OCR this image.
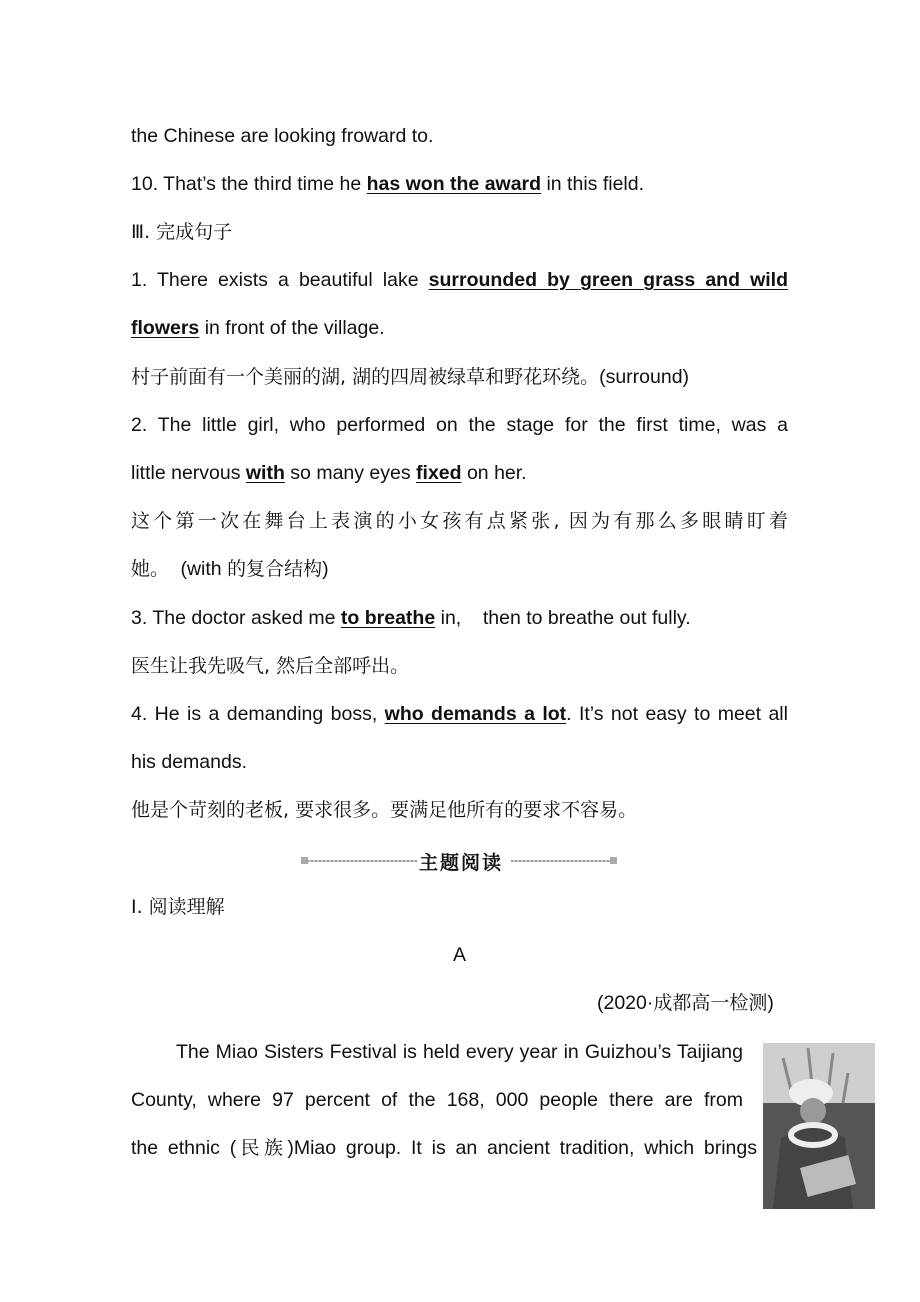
the Chinese are looking froward to.
10. That’s the third time he has won the award in this field.
Ⅲ. 完成句子
1. There exists a beautiful lake surrounded by green grass and wild
flowers in front of the village.
村子前面有一个美丽的湖, 湖的四周被绿草和野花环绕。(surround)
2. The little girl, who performed on the stage for the first time, was a
little nervous with so many eyes fixed on her.
这个第一次在舞台上表演的小女孩有点紧张, 因为有那么多眼睛盯着
她。  (with 的复合结构)
3. The doctor asked me to breathe in,    then to breathe out fully.
医生让我先吸气, 然后全部呼出。
4. He is a demanding boss, who demands a lot. It’s not easy to meet all
his demands.
他是个苛刻的老板, 要求很多。要满足他所有的要求不容易。
Ⅰ. 阅读理解
A
(2020·成都高一检测)
The Miao Sisters Festival is held every year in Guizhou’s Taijiang
County, where 97 percent of the 168, 000 people there are from
the ethnic (民族)Miao group. It is an ancient tradition, which brings
主题阅读
